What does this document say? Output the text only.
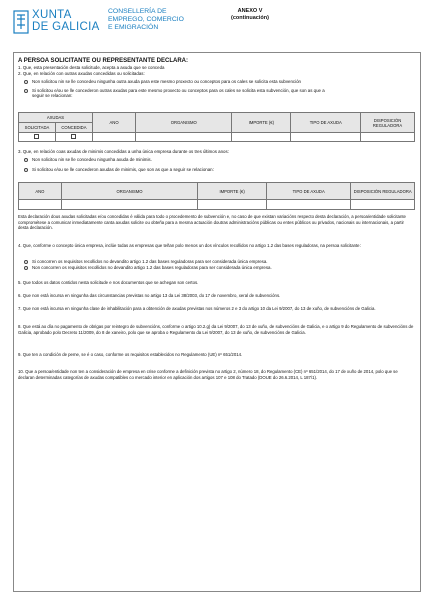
XUNTA
DE GALICIA
CONSELLERÍA DE
EMPREGO, COMERCIO
E EMIGRACIÓN
ANEXO V
(continuación)
A PERSOA SOLICITANTE OU REPRESENTANTE DECLARA:
1. Que, esta presentación desta solicitude, acepta a axuda que se conceda
2. Que, en relación con outras axudas concedidas ou solicitadas:
Non solicitou nin se lle concedeu ningunha outra axuda para este mesmo proxecto ou conceptos para os cales se solicita esta subvención
Si solicitou e/ou se lle concederon outras axudas para este mesmo proxecto ou conceptos para os cales se solicita esta subvención, que son as que a
seguir se relacionan:
AXUDAS		ANO	ORGANISMO	IMPORTE (€)	TIPO DE AXUDA	DISPOSICIÓN REGULADORA
SOLICITADA	CONCEDIDA					

3. Que, en relación coas axudas de minimis concedidas a unha única empresa durante os tres últimos anos:
Non solicitou nin se lle concedeu ningunha axuda de minimis.
Si solicitou e/ou se lle concederon axudas de minimis, que son as que a seguir se relacionan:
ANO	ORGANISMO	IMPORTE (€)	TIPO DE AXUDA	DISPOSICIÓN REGULADORA

Esta declaración dous axudas solicitadas e/ou concedidas é válida para todo o procedemento de subvención e, no caso de que existan variacións respecto desta declaración, a persoa/entidade solicitante comprométese a comunicar inmediatamente canta axudas solicite ou obteña para a mesma actuación doutras administracións públicas ou entes públicos ou privados, nacionais ou internacionais, a partir desta declaración.
4. Que, conforme o concepto única empresa, inclúe todas as empresas que teñan polo menos un dos vínculos recollidos no artigo 1.2 das bases reguladoras, na persoa solicitante:
Si concorren os requisitos recollidos no devandito artigo 1.2 das bases reguladoras para ser considerada única empresa.
Non concorren os requisitos recollidos no devandito artigo 1.2 das bases reguladoras para ser considerada única empresa.
5. Que todos os datos contidos nesta solicitude e nos documentos que se achegan son certos.
6. Que non está incursa en ningunha das circunstancias previstas no artigo 13 da Lei 38/2003, do 17 de novembro, xeral de subvencións.
7. Que non está incursa en ningunha clase de inhabilitación para a obtención de axudas previstas nos números 2 e 3 do artigo 10 da Lei 9/2007, do 13 de xuño, de subvencións de Galicia.
8. Que está ao día no pagamento de obrigas por reintegro de subvencións, conforme o artigo 10.2.g) da Lei 9/2007, do 13 de xuño, de subvencións de Galicia, e o artigo 9 do Regulamento de subvencións de Galicia, aprobado polo Decreto 11/2009, do 8 de xaneiro, polo que se aproba o Regulamento da Lei 9/2007, do 13 de xuño, de subvencións de Galicia.
9. Que ten a condición de peme, se é o caso, conforme os requisitos establecidos no Regulamento (UE) nº 651/2014.
10. Que a persoa/entidade non ten a consideración de empresa en crise conforme a definición prevista no artigo 2, número 18, do Regulamento (CE) nº 651/2014, do 17 de xuño de 2014, polo que se declaran determinadas categorías de axudas compatibles co mercado interior en aplicación dos artigos 107 e 108 do Tratado (DOUE do 26.6.2014, L 187/1).
